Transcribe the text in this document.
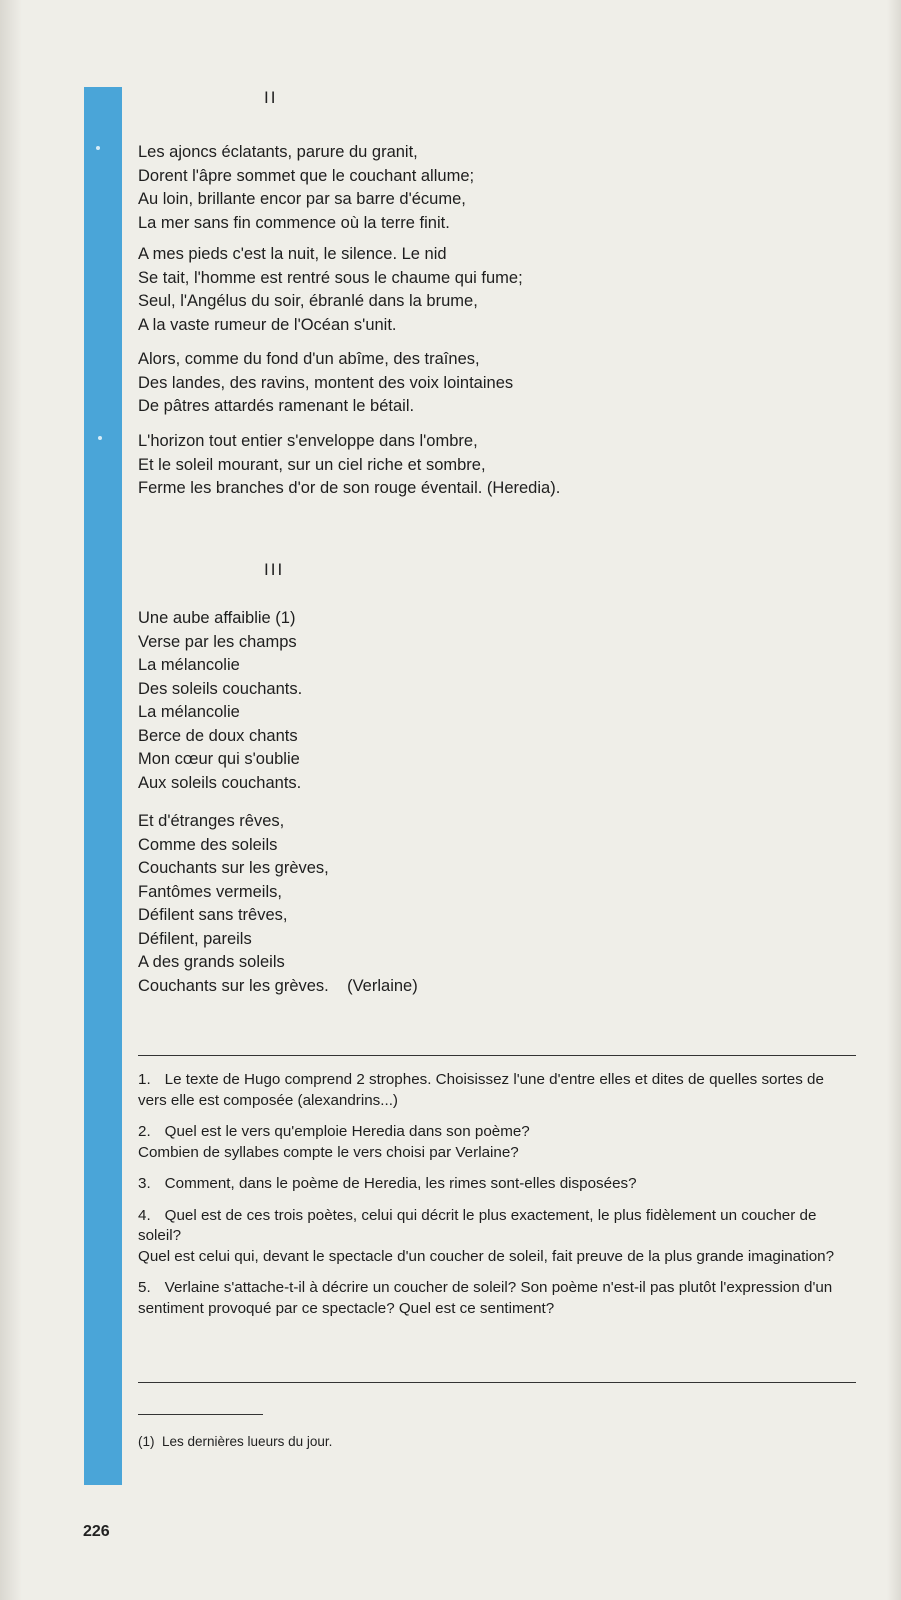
II
Les ajoncs éclatants, parure du granit,
Dorent l'âpre sommet que le couchant allume;
Au loin, brillante encor par sa barre d'écume,
La mer sans fin commence où la terre finit.
A mes pieds c'est la nuit, le silence. Le nid
Se tait, l'homme est rentré sous le chaume qui fume;
Seul, l'Angélus du soir, ébranlé dans la brume,
A la vaste rumeur de l'Océan s'unit.
Alors, comme du fond d'un abîme, des traînes,
Des landes, des ravins, montent des voix lointaines
De pâtres attardés ramenant le bétail.
L'horizon tout entier s'enveloppe dans l'ombre,
Et le soleil mourant, sur un ciel riche et sombre,
Ferme les branches d'or de son rouge éventail. (Heredia).
III
Une aube affaiblie (1)
Verse par les champs
La mélancolie
Des soleils couchants.
La mélancolie
Berce de doux chants
Mon cœur qui s'oublie
Aux soleils couchants.
Et d'étranges rêves,
Comme des soleils
Couchants sur les grèves,
Fantômes vermeils,
Défilent sans trêves,
Défilent, pareils
A des grands soleils
Couchants sur les grèves.    (Verlaine)
1. Le texte de Hugo comprend 2 strophes. Choisissez l'une d'entre elles et dites de quelles sortes de vers elle est composée (alexandrins...)
2. Quel est le vers qu'emploie Heredia dans son poème?
Combien de syllabes compte le vers choisi par Verlaine?
3. Comment, dans le poème de Heredia, les rimes sont-elles disposées?
4. Quel est de ces trois poètes, celui qui décrit le plus exactement, le plus fidèlement un coucher de soleil?
Quel est celui qui, devant le spectacle d'un coucher de soleil, fait preuve de la plus grande imagination?
5. Verlaine s'attache-t-il à décrire un coucher de soleil? Son poème n'est-il pas plutôt l'expression d'un sentiment provoqué par ce spectacle? Quel est ce sentiment?
(1)  Les dernières lueurs du jour.
226
